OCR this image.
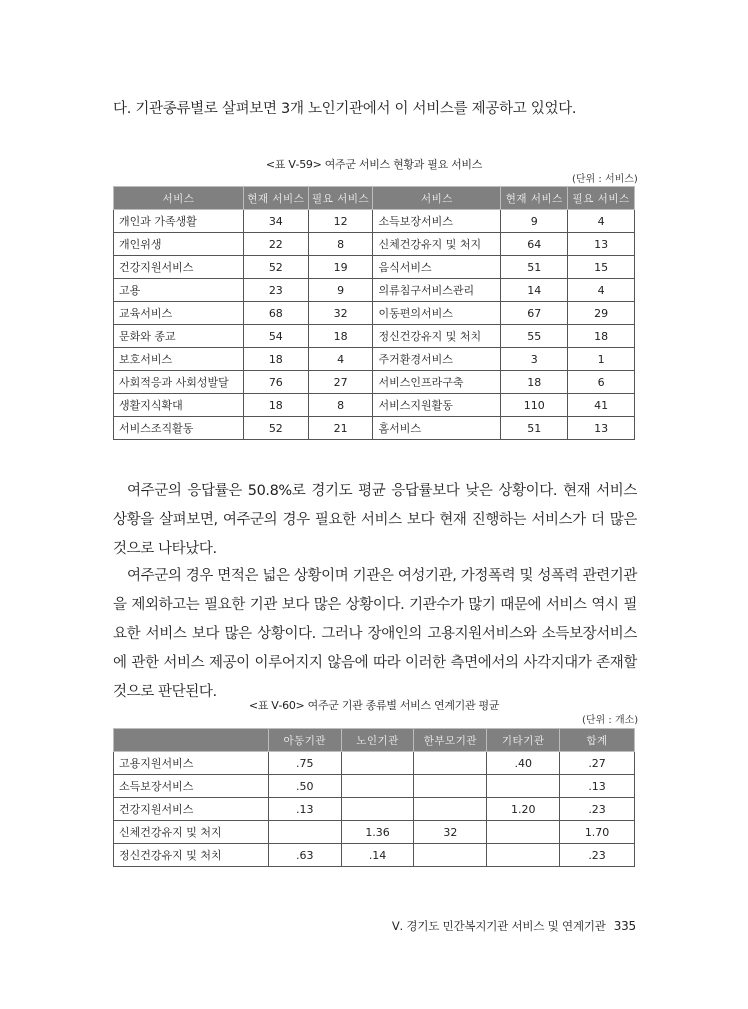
다. 기관종류별로 살펴보면 3개 노인기관에서 이 서비스를 제공하고 있었다.
<표 Ⅴ-59> 여주군 서비스 현황과 필요 서비스
(단위 : 서비스)
서비스	현재 서비스	필요 서비스	서비스	현재 서비스	필요 서비스
개인과 가족생활	34	12	소득보장서비스	9	4
개인위생	22	8	신체건강유지 및 처지	64	13
건강지원서비스	52	19	음식서비스	51	15
고용	23	9	의류침구서비스관리	14	4
교육서비스	68	32	이동편의서비스	67	29
문화와 종교	54	18	정신건강유지 및 처치	55	18
보호서비스	18	4	주거환경서비스	3	1
사회적응과 사회성발달	76	27	서비스인프라구축	18	6
생활지식확대	18	8	서비스지원활동	110	41
서비스조직활동	52	21	홈서비스	51	13

여주군의 응답률은 50.8%로 경기도 평균 응답률보다 낮은 상황이다. 현재 서비스 상황을 살펴보면, 여주군의 경우 필요한 서비스 보다 현재 진행하는 서비스가 더 많은 것으로 나타났다.

여주군의 경우 면적은 넓은 상황이며 기관은 여성기관, 가정폭력 및 성폭력 관련기관을 제외하고는 필요한 기관 보다 많은 상황이다. 기관수가 많기 때문에 서비스 역시 필요한 서비스 보다 많은 상황이다. 그러나 장애인의 고용지원서비스와 소득보장서비스에 관한 서비스 제공이 이루어지지 않음에 따라 이러한 측면에서의 사각지대가 존재할 것으로 판단된다.

<표 Ⅴ-60> 여주군 기관 종류별 서비스 연계기관 평균
(단위 : 개소)
	아동기관	노인기관	한부모기관	기타기관	합계
고용지원서비스	.75			.40	.27
소득보장서비스	.50				.13
건강지원서비스	.13			1.20	.23
신체건강유지 및 처지		1.36	32		1.70
정신건강유지 및 처치	.63	.14			.23
Ⅴ. 경기도 민간복지기관 서비스 및 연계기관 335
